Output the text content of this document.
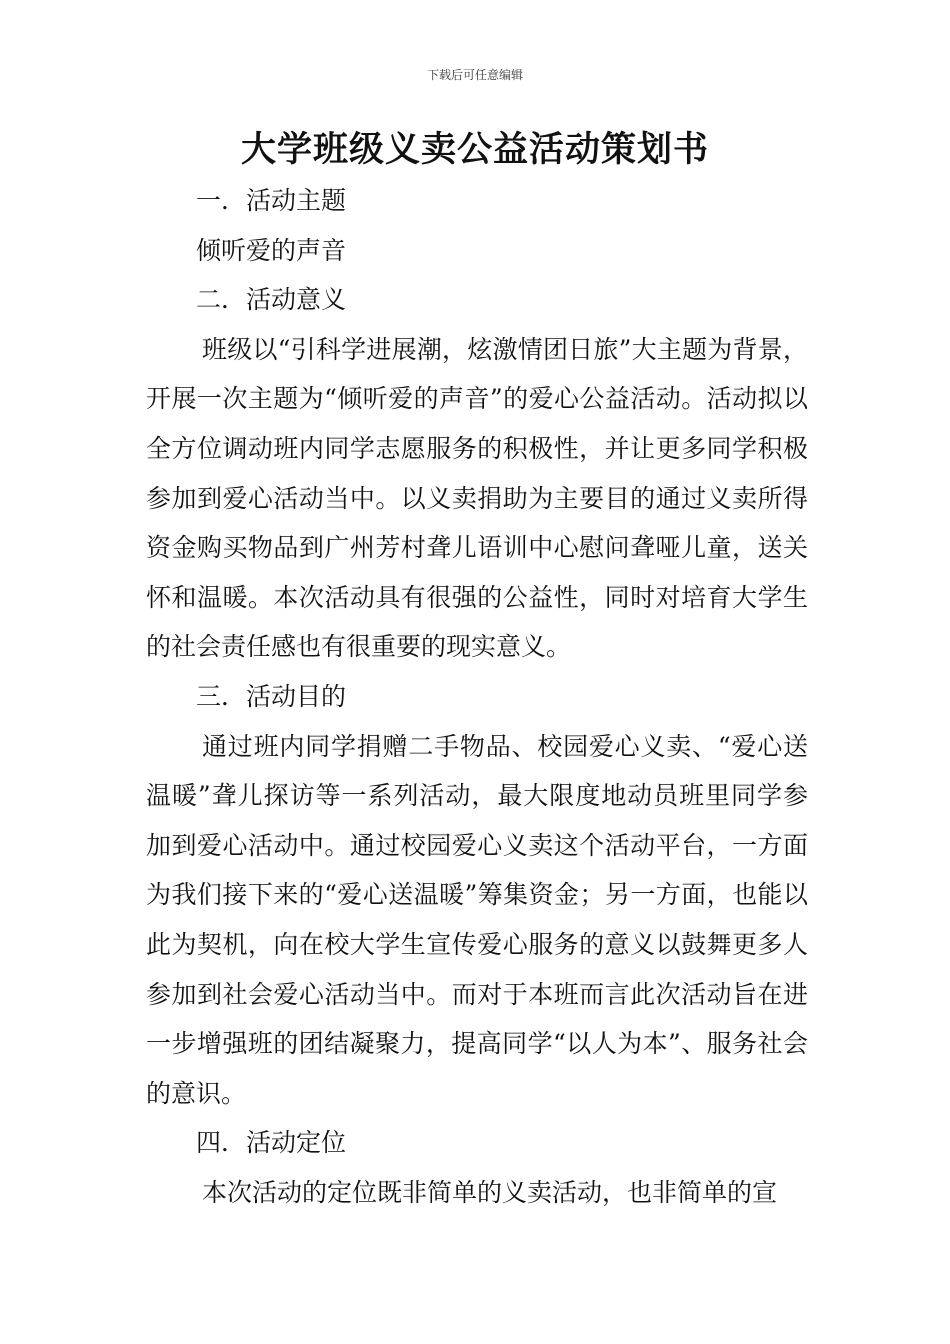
下载后可任意编辑
大学班级义卖公益活动策划书

一．活动主题

倾听爱的声音

二．活动意义

班级以“引科学进展潮，炫激情团日旅”大主题为背景，开展一次主题为“倾听爱的声音”的爱心公益活动。活动拟以全方位调动班内同学志愿服务的积极性，并让更多同学积极参加到爱心活动当中。以义卖捐助为主要目的通过义卖所得资金购买物品到广州芳村聋儿语训中心慰问聋哑儿童，送关怀和温暖。本次活动具有很强的公益性，同时对培育大学生的社会责任感也有很重要的现实意义。

三．活动目的

通过班内同学捐赠二手物品、校园爱心义卖、“爱心送温暖”聋儿探访等一系列活动，最大限度地动员班里同学参加到爱心活动中。通过校园爱心义卖这个活动平台，一方面为我们接下来的“爱心送温暖”筹集资金；另一方面，也能以此为契机，向在校大学生宣传爱心服务的意义以鼓舞更多人参加到社会爱心活动当中。而对于本班而言此次活动旨在进一步增强班的团结凝聚力，提高同学“以人为本”、服务社会的意识。

四．活动定位

本次活动的定位既非简单的义卖活动，也非简单的宣
